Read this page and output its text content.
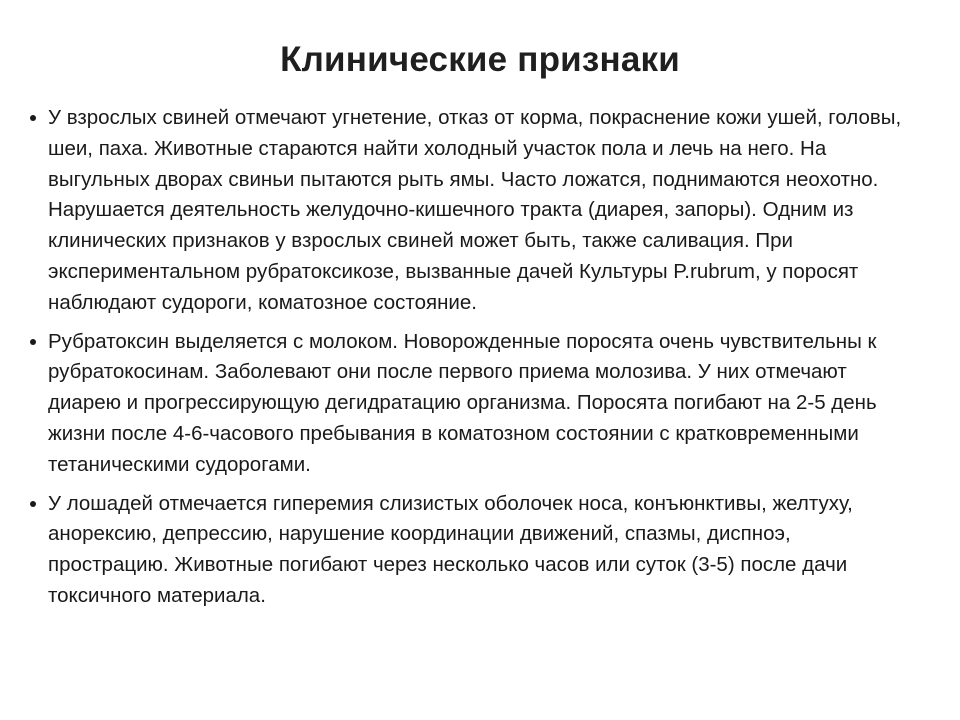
Клинические признаки
У взрослых свиней отмечают угнетение, отказ от корма, покраснение кожи ушей, головы, шеи, паха. Животные стараются найти холодный участок пола и лечь на него. На выгульных дворах свиньи пытаются рыть ямы. Часто ложатся, поднимаются неохотно. Нарушается деятельность желудочно-кишечного тракта (диарея, запоры). Одним из клинических признаков у взрослых свиней может быть, также саливация. При экспериментальном рубратоксикозе, вызванные дачей Культуры P.rubrum, у поросят наблюдают судороги, коматозное состояние.
Рубратоксин выделяется с молоком. Новорожденные поросята очень чувствительны к рубратокосинам. Заболевают они после первого приема молозива. У них отмечают диарею и прогрессирующую дегидратацию организма. Поросята погибают на 2-5 день жизни после 4-6-часового пребывания в коматозном состоянии с кратковременными тетаническими судорогами.
У лошадей отмечается гиперемия слизистых оболочек носа, конъюнктивы, желтуху, анорексию, депрессию, нарушение координации движений, спазмы, диспноэ, прострацию. Животные погибают через несколько часов или суток (3-5) после дачи токсичного материала.
